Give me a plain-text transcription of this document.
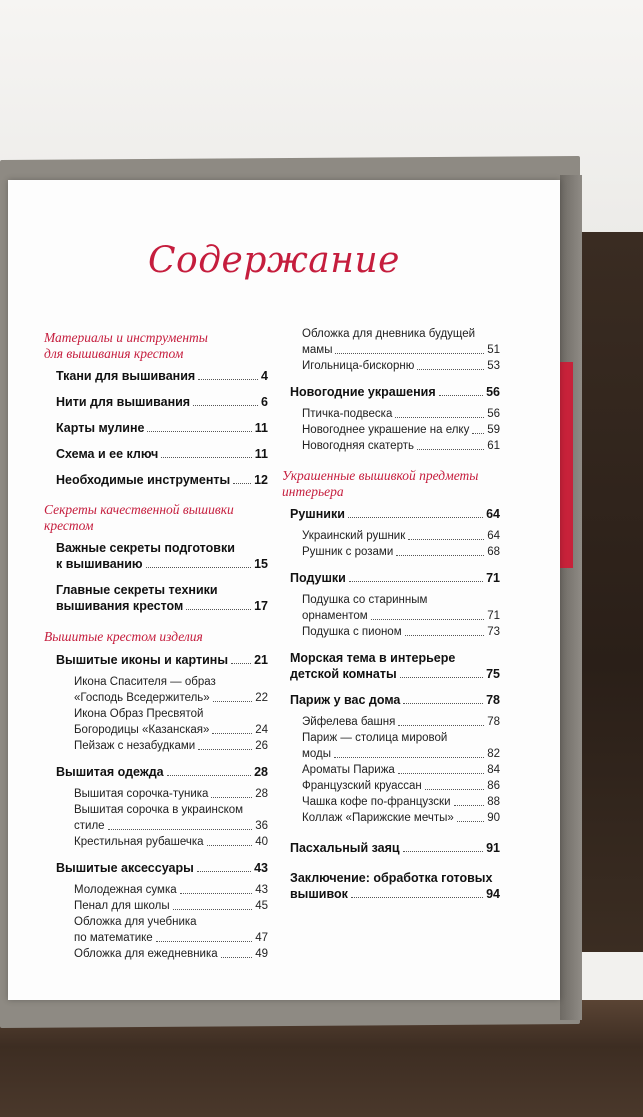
Содержание
Материалы и инструменты
для вышивания крестом
Ткани для вышивания	4
Нити для вышивания	6
Карты мулине	11
Схема и ее ключ	11
Необходимые инструменты 12
Секреты качественной вышивки
крестом
Важные секреты подготовки
к вышиванию	15
Главные секреты техники
вышивания крестом	17
Вышитые крестом изделия
Вышитые иконы и картины 21
Икона Спасителя — образ
«Господь Вседержитель»	22
Икона Образ Пресвятой
Богородицы «Казанская»	24
Пейзаж с незабудками	26
Вышитая одежда	28
Вышитая сорочка-туника	28
Вышитая сорочка в украинском
стиле	36
Крестильная рубашечка	40
Вышитые аксессуары	43
Молодежная сумка	43
Пенал для школы	45
Обложка для учебника
по математике	47
Обложка для ежедневника	49
Обложка для дневника будущей
мамы	51
Игольница-бискорню	53
Новогодние украшения	56
Птичка-подвеска	56
Новогоднее украшение на елку 59
Новогодняя скатерть	61
Украшенные вышивкой предметы
интерьера
Рушники	64
Украинский рушник	64
Рушник с розами	68
Подушки	71
Подушка со старинным
орнаментом	71
Подушка с пионом	73
Морская тема в интерьере
детской комнаты	75
Париж у вас дома	78
Эйфелева башня	78
Париж — столица мировой
моды	82
Ароматы Парижа	84
Французский круассан	86
Чашка кофе по-французски	88
Коллаж «Парижские мечты»	90
Пасхальный заяц	91
Заключение: обработка готовых
вышивок	94
